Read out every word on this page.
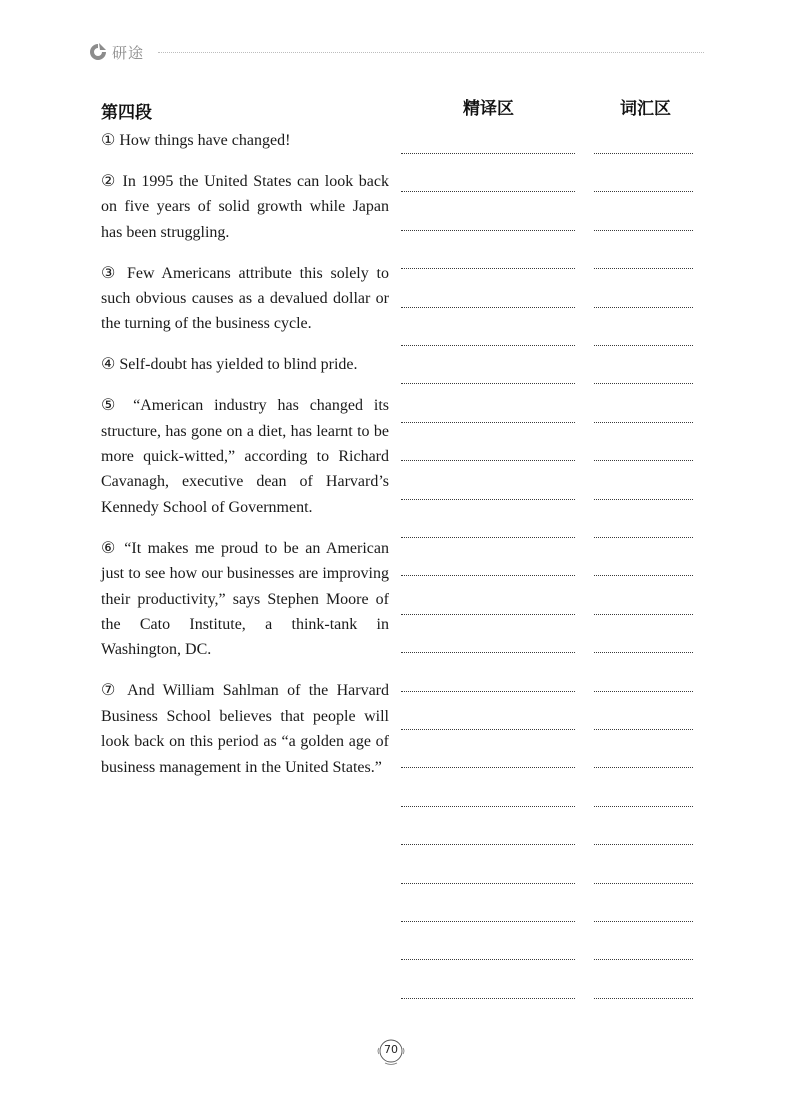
研途
第四段	精译区	词汇区

① How things have changed!

② In 1995 the United States can look back on five years of solid growth while Japan has been struggling.

③ Few Americans attribute this solely to such obvious causes as a devalued dollar or the turning of the business cycle.

④ Self-doubt has yielded to blind pride.

⑤ “American industry has changed its structure, has gone on a diet, has learnt to be more quick-witted,” according to Richard Cavanagh, executive dean of Harvard’s Kennedy School of Government.

⑥ “It makes me proud to be an American just to see how our businesses are improving their productivity,” says Stephen Moore of the Cato Institute, a think-tank in Washington, DC.

⑦ And William Sahlman of the Harvard Business School believes that people will look back on this period as “a golden age of business management in the United States.”

70
